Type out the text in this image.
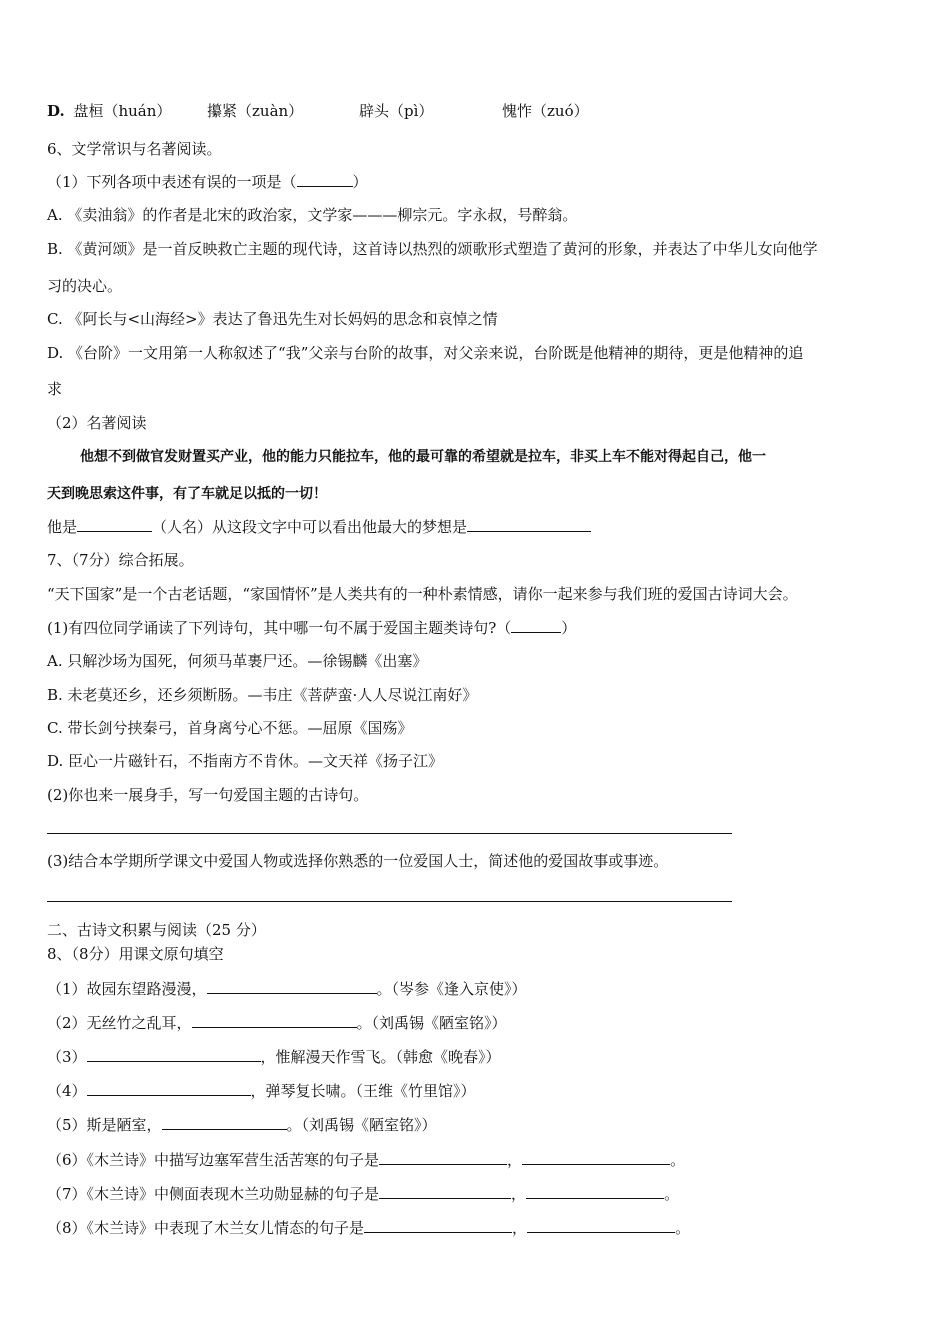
D. 盘桓（huán） 攥紧（zuàn）	辟头（pì）	愧怍（zuó）
6、文学常识与名著阅读。
（1）下列各项中表述有误的一项是（	）
A. 《卖油翁》的作者是北宋的政治家，文学家———柳宗元。字永叔，号醉翁。
B. 《黄河颂》是一首反映救亡主题的现代诗，这首诗以热烈的颂歌形式塑造了黄河的形象，并表达了中华儿女向他学
习的决心。
C. 《阿长与<山海经>》表达了鲁迅先生对长妈妈的思念和哀悼之情
D. 《台阶》一文用第一人称叙述了“我”父亲与台阶的故事，对父亲来说，台阶既是他精神的期待，更是他精神的追
求
（2）名著阅读
他想不到做官发财置买产业，他的能力只能拉车，他的最可靠的希望就是拉车，非买上车不能对得起自己，他一
天到晚思索这件事，有了车就足以抵的一切！
他是	（人名）从这段文字中可以看出他最大的梦想是
7、（7分）综合拓展。
“天下国家”是一个古老话题，“家国情怀”是人类共有的一种朴素情感，请你一起来参与我们班的爱国古诗词大会。
(1)有四位同学诵读了下列诗句，其中哪一句不属于爱国主题类诗句?（	）
A. 只解沙场为国死，何须马革裹尸还。—徐锡麟《出塞》
B. 未老莫还乡，还乡须断肠。—韦庄《菩萨蛮·人人尽说江南好》
C. 带长剑兮挟秦弓，首身离兮心不惩。—屈原《国殇》
D. 臣心一片磁针石，不指南方不肯休。—文天祥《扬子江》
(2)你也来一展身手，写一句爱国主题的古诗句。
(3)结合本学期所学课文中爱国人物或选择你熟悉的一位爱国人士，简述他的爱国故事或事迹。
二、古诗文积累与阅读（25 分）
8、（8分）用课文原句填空
（1）故园东望路漫漫，	。（岑参《逢入京使》）
（2）无丝竹之乱耳，	。（刘禹锡《陋室铭》）
（3）	，惟解漫天作雪飞。（韩愈《晚春》）
（4）	，弹琴复长啸。（王维《竹里馆》）
（5）斯是陋室，	。（刘禹锡《陋室铭》）
（6）《木兰诗》中描写边塞军营生活苦寒的句子是	，	。
（7）《木兰诗》中侧面表现木兰功勋显赫的句子是	，	。
（8）《木兰诗》中表现了木兰女儿情态的句子是	，	。
